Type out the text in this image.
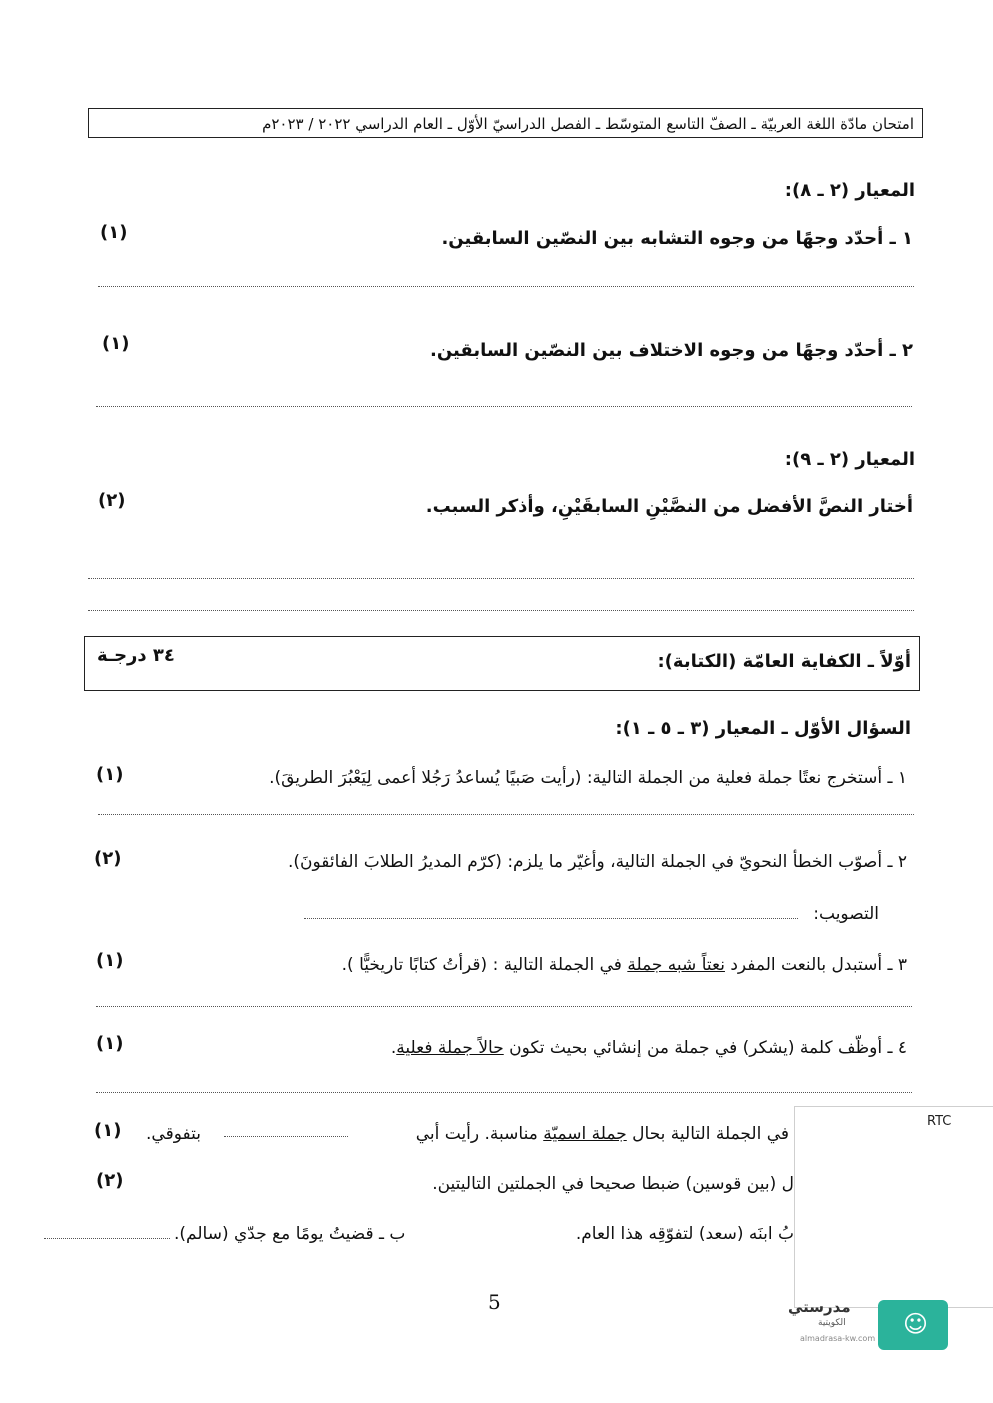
امتحان مادّة اللغة العربيّة ـ الصفّ التاسع المتوسّط ـ الفصل الدراسيّ الأوّل ـ العام الدراسي ٢٠٢٢ / ٢٠٢٣م
المعيار (٢ ـ ٨):
١ ـ أحدّد وجهًا من وجوه التشابه بين النصّين السابقين.
(١)
٢ ـ أحدّد وجهًا من وجوه الاختلاف بين النصّين السابقين.
(١)
المعيار (٢ ـ ٩):
أختار النصَّ الأفضل من النصَّيْنِ السابقَيْنِ، وأذكر السبب.
(٢)
أوّلاً ـ الكفاية العامّة (الكتابة):
٣٤ درجـة
السؤال الأوّل ـ المعيار (٣ ـ ٥ ـ ١):
١ ـ أستخرج نعتًا جملة فعلية من الجملة التالية: (رأيت صَبيًا يُساعدُ رَجُلا أعمى لِيَعْبُرَ الطريقَ).
(١)
٢ ـ أصوّب الخطأ النحويّ في الجملة التالية، وأغيّر ما يلزم: (كرّم المديرُ الطلابَ الفائقونَ).
(٢)
التصويب:
٣ ـ أستبدل بالنعت المفرد نعتاً شبه جملة في الجملة التالية : (قرأتُ كتابًا تاريخيًّا ).
(١)
٤ ـ أوظّف كلمة (يشكر) في جملة من إنشائي بحيث تكون حالاً جملة فعلية.
(١)
في الجملة التالية بحال جملة اسميّة مناسبة. رأيت أبي
بتفوقي.
(١)
ل (بين قوسين) ضبطا صحيحا في الجملتين التاليتين.
(٢)
بُ ابنَه (سعد) لتفوّقِه هذا العام.
ب ـ قضيتُ يومًا مع جدّي (سالم).
5
RTC
مدرستي
الكويتية
almadrasa-kw.com
☺
